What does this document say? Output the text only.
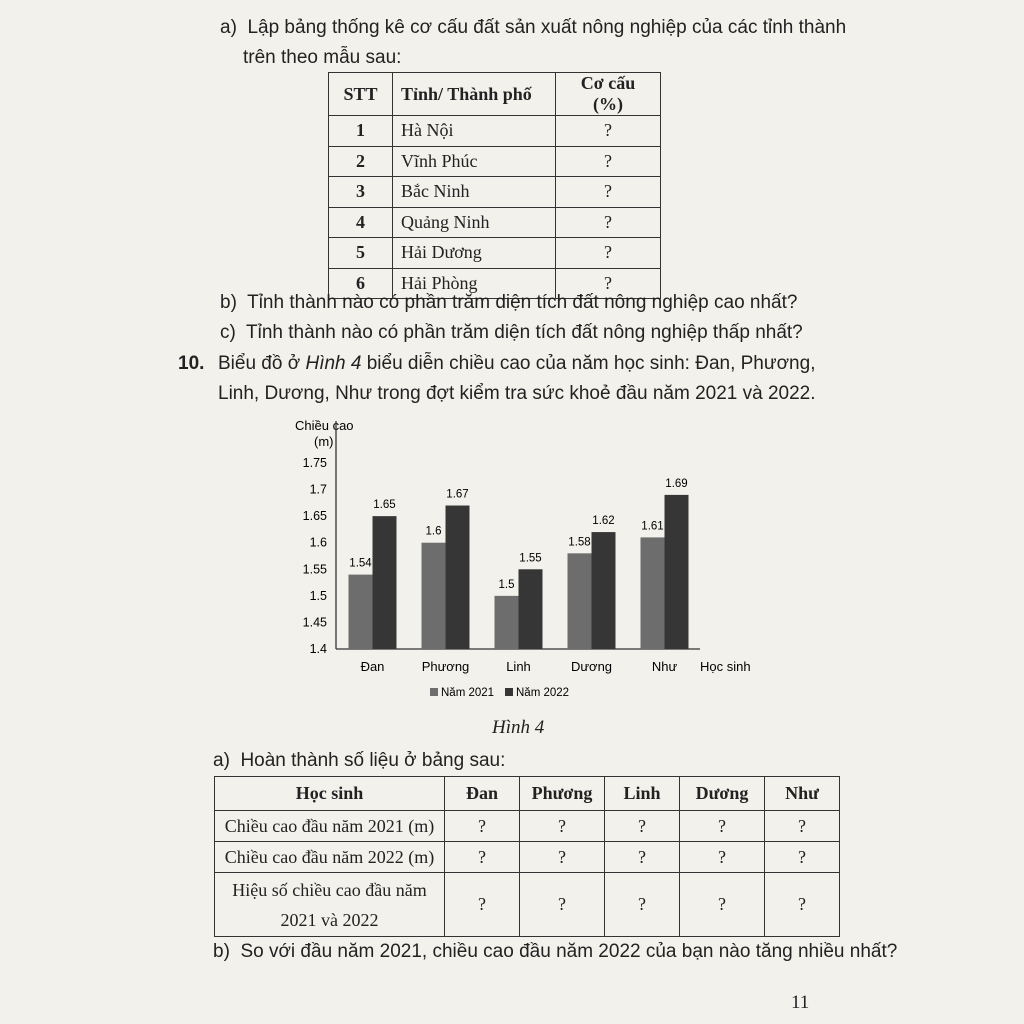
a)  Lập bảng thống kê cơ cấu đất sản xuất nông nghiệp của các tỉnh thành
trên theo mẫu sau:
STT	Tỉnh/ Thành phố	Cơ cấu (%)
1	Hà Nội	?
2	Vĩnh Phúc	?
3	Bắc Ninh	?
4	Quảng Ninh	?
5	Hải Dương	?
6	Hải Phòng	?
b)  Tỉnh thành nào có phần trăm diện tích đất nông nghiệp cao nhất?
c)  Tỉnh thành nào có phần trăm diện tích đất nông nghiệp thấp nhất?
10. Biểu đồ ở Hình 4 biểu diễn chiều cao của năm học sinh: Đan, Phương,
Linh, Dương, Như trong đợt kiểm tra sức khoẻ đầu năm 2021 và 2022.
Chiều cao
(m)
1.75
1.7
1.65
1.6
1.55
1.5
1.45
1.4
1.54
1.65
1.6
1.67
1.5
1.55
1.58
1.62 1.61
1.69
Đan	Phương	Linh	Dương	Như Học sinh
Năm 2021 Năm 2022
Hình 4
a)  Hoàn thành số liệu ở bảng sau:
Học sinh	Đan	Phương	Linh	Dương	Như
Chiều cao đầu năm 2021 (m)	?	?	?	?	?
Chiều cao đầu năm 2022 (m)	?	?	?	?	?
Hiệu số chiều cao đầu năm
2021 và 2022	?	?	?	?	?
b)  So với đầu năm 2021, chiều cao đầu năm 2022 của bạn nào tăng nhiều nhất?
11
